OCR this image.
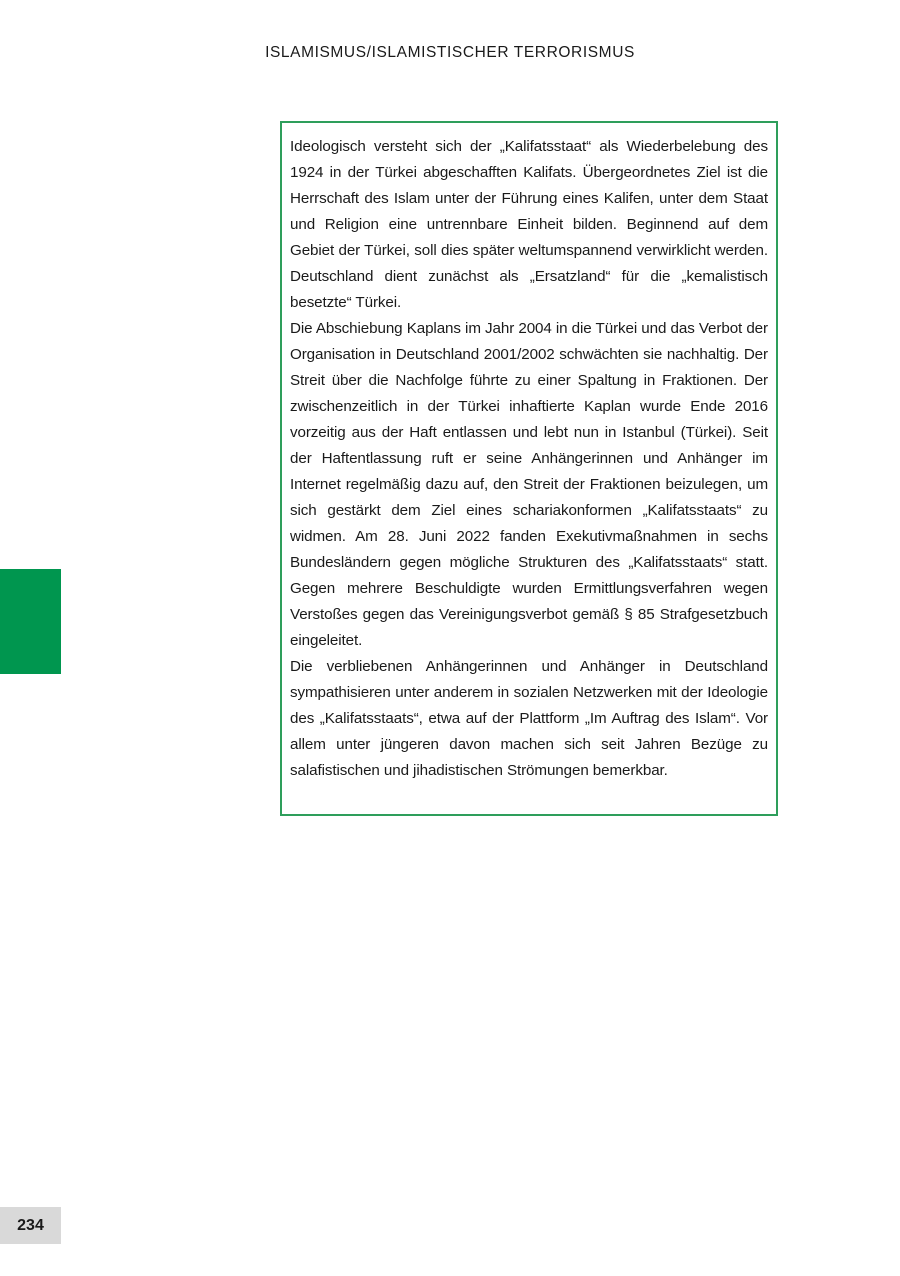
ISLAMISMUS/ISLAMISTISCHER TERRORISMUS

Ideologisch versteht sich der „Kalifatsstaat“ als Wiederbelebung des 1924 in der Türkei abgeschafften Kalifats. Übergeordnetes Ziel ist die Herrschaft des Islam unter der Führung eines Kalifen, unter dem Staat und Religion eine untrennbare Einheit bilden. Beginnend auf dem Gebiet der Türkei, soll dies später weltumspannend verwirklicht werden. Deutschland dient zunächst als „Ersatzland“ für die „kemalistisch besetzte“ Türkei.

Die Abschiebung Kaplans im Jahr 2004 in die Türkei und das Verbot der Organisation in Deutschland 2001/2002 schwächten sie nachhaltig. Der Streit über die Nachfolge führte zu einer Spaltung in Fraktionen. Der zwischenzeitlich in der Türkei inhaftierte Kaplan wurde Ende 2016 vorzeitig aus der Haft entlassen und lebt nun in Istanbul (Türkei). Seit der Haftentlassung ruft er seine Anhängerinnen und Anhänger im Internet regelmäßig dazu auf, den Streit der Fraktionen beizulegen, um sich gestärkt dem Ziel eines schariakonformen „Kalifatsstaats“ zu widmen. Am 28. Juni 2022 fanden Exekutivmaßnahmen in sechs Bundesländern gegen mögliche Strukturen des „Kalifatsstaats“ statt. Gegen mehrere Beschuldigte wurden Ermittlungsverfahren wegen Verstoßes gegen das Vereinigungsverbot gemäß § 85 Strafgesetzbuch eingeleitet.

Die verbliebenen Anhängerinnen und Anhänger in Deutschland sympathisieren unter anderem in sozialen Netzwerken mit der Ideologie des „Kalifatsstaats“, etwa auf der Plattform „Im Auftrag des Islam“. Vor allem unter jüngeren davon machen sich seit Jahren Bezüge zu salafistischen und jihadistischen Strömungen bemerkbar.

234
